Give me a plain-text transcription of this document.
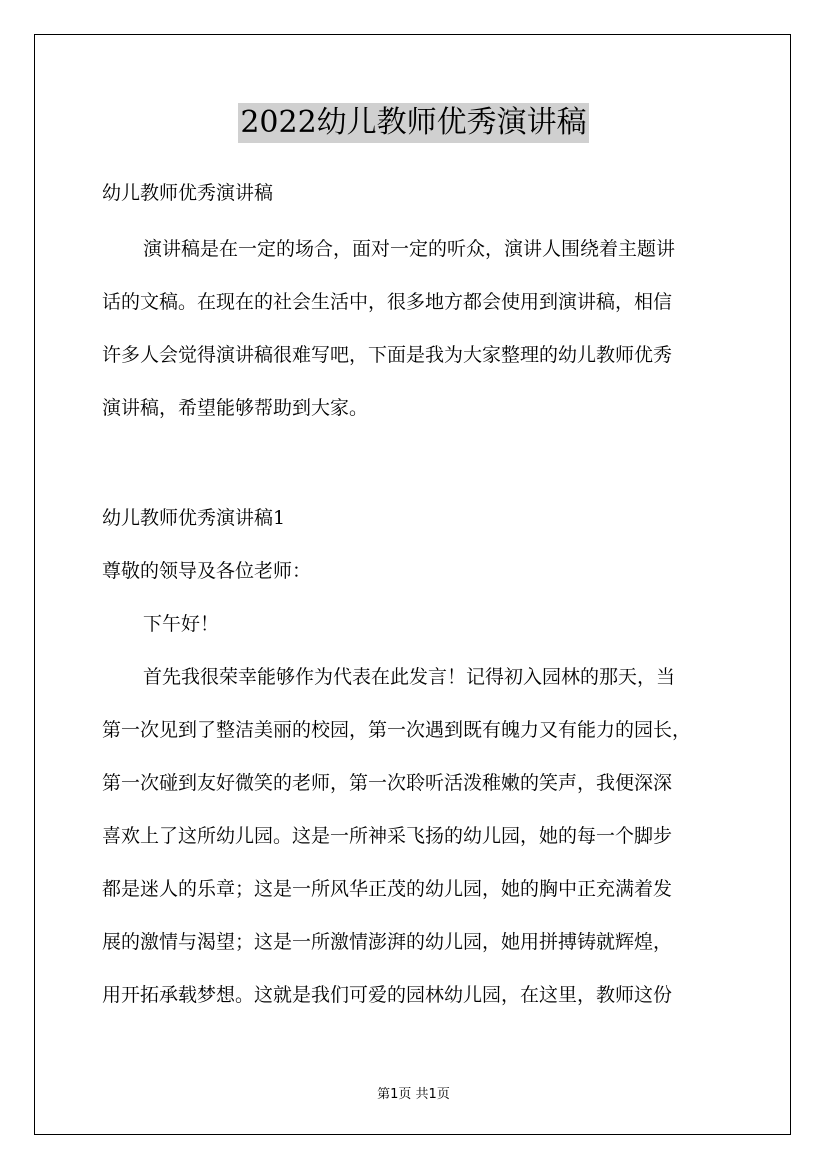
2022幼儿教师优秀演讲稿
幼儿教师优秀演讲稿
演讲稿是在一定的场合，面对一定的听众，演讲人围绕着主题讲
话的文稿。在现在的社会生活中，很多地方都会使用到演讲稿，相信
许多人会觉得演讲稿很难写吧，下面是我为大家整理的幼儿教师优秀
演讲稿，希望能够帮助到大家。
幼儿教师优秀演讲稿1
尊敬的领导及各位老师：
下午好！
首先我很荣幸能够作为代表在此发言！记得初入园林的那天，当
第一次见到了整洁美丽的校园，第一次遇到既有魄力又有能力的园长，
第一次碰到友好微笑的老师，第一次聆听活泼稚嫩的笑声，我便深深
喜欢上了这所幼儿园。这是一所神采飞扬的幼儿园，她的每一个脚步
都是迷人的乐章；这是一所风华正茂的幼儿园，她的胸中正充满着发
展的激情与渴望；这是一所激情澎湃的幼儿园，她用拼搏铸就辉煌，
用开拓承载梦想。这就是我们可爱的园林幼儿园，在这里，教师这份
第1页 共1页
